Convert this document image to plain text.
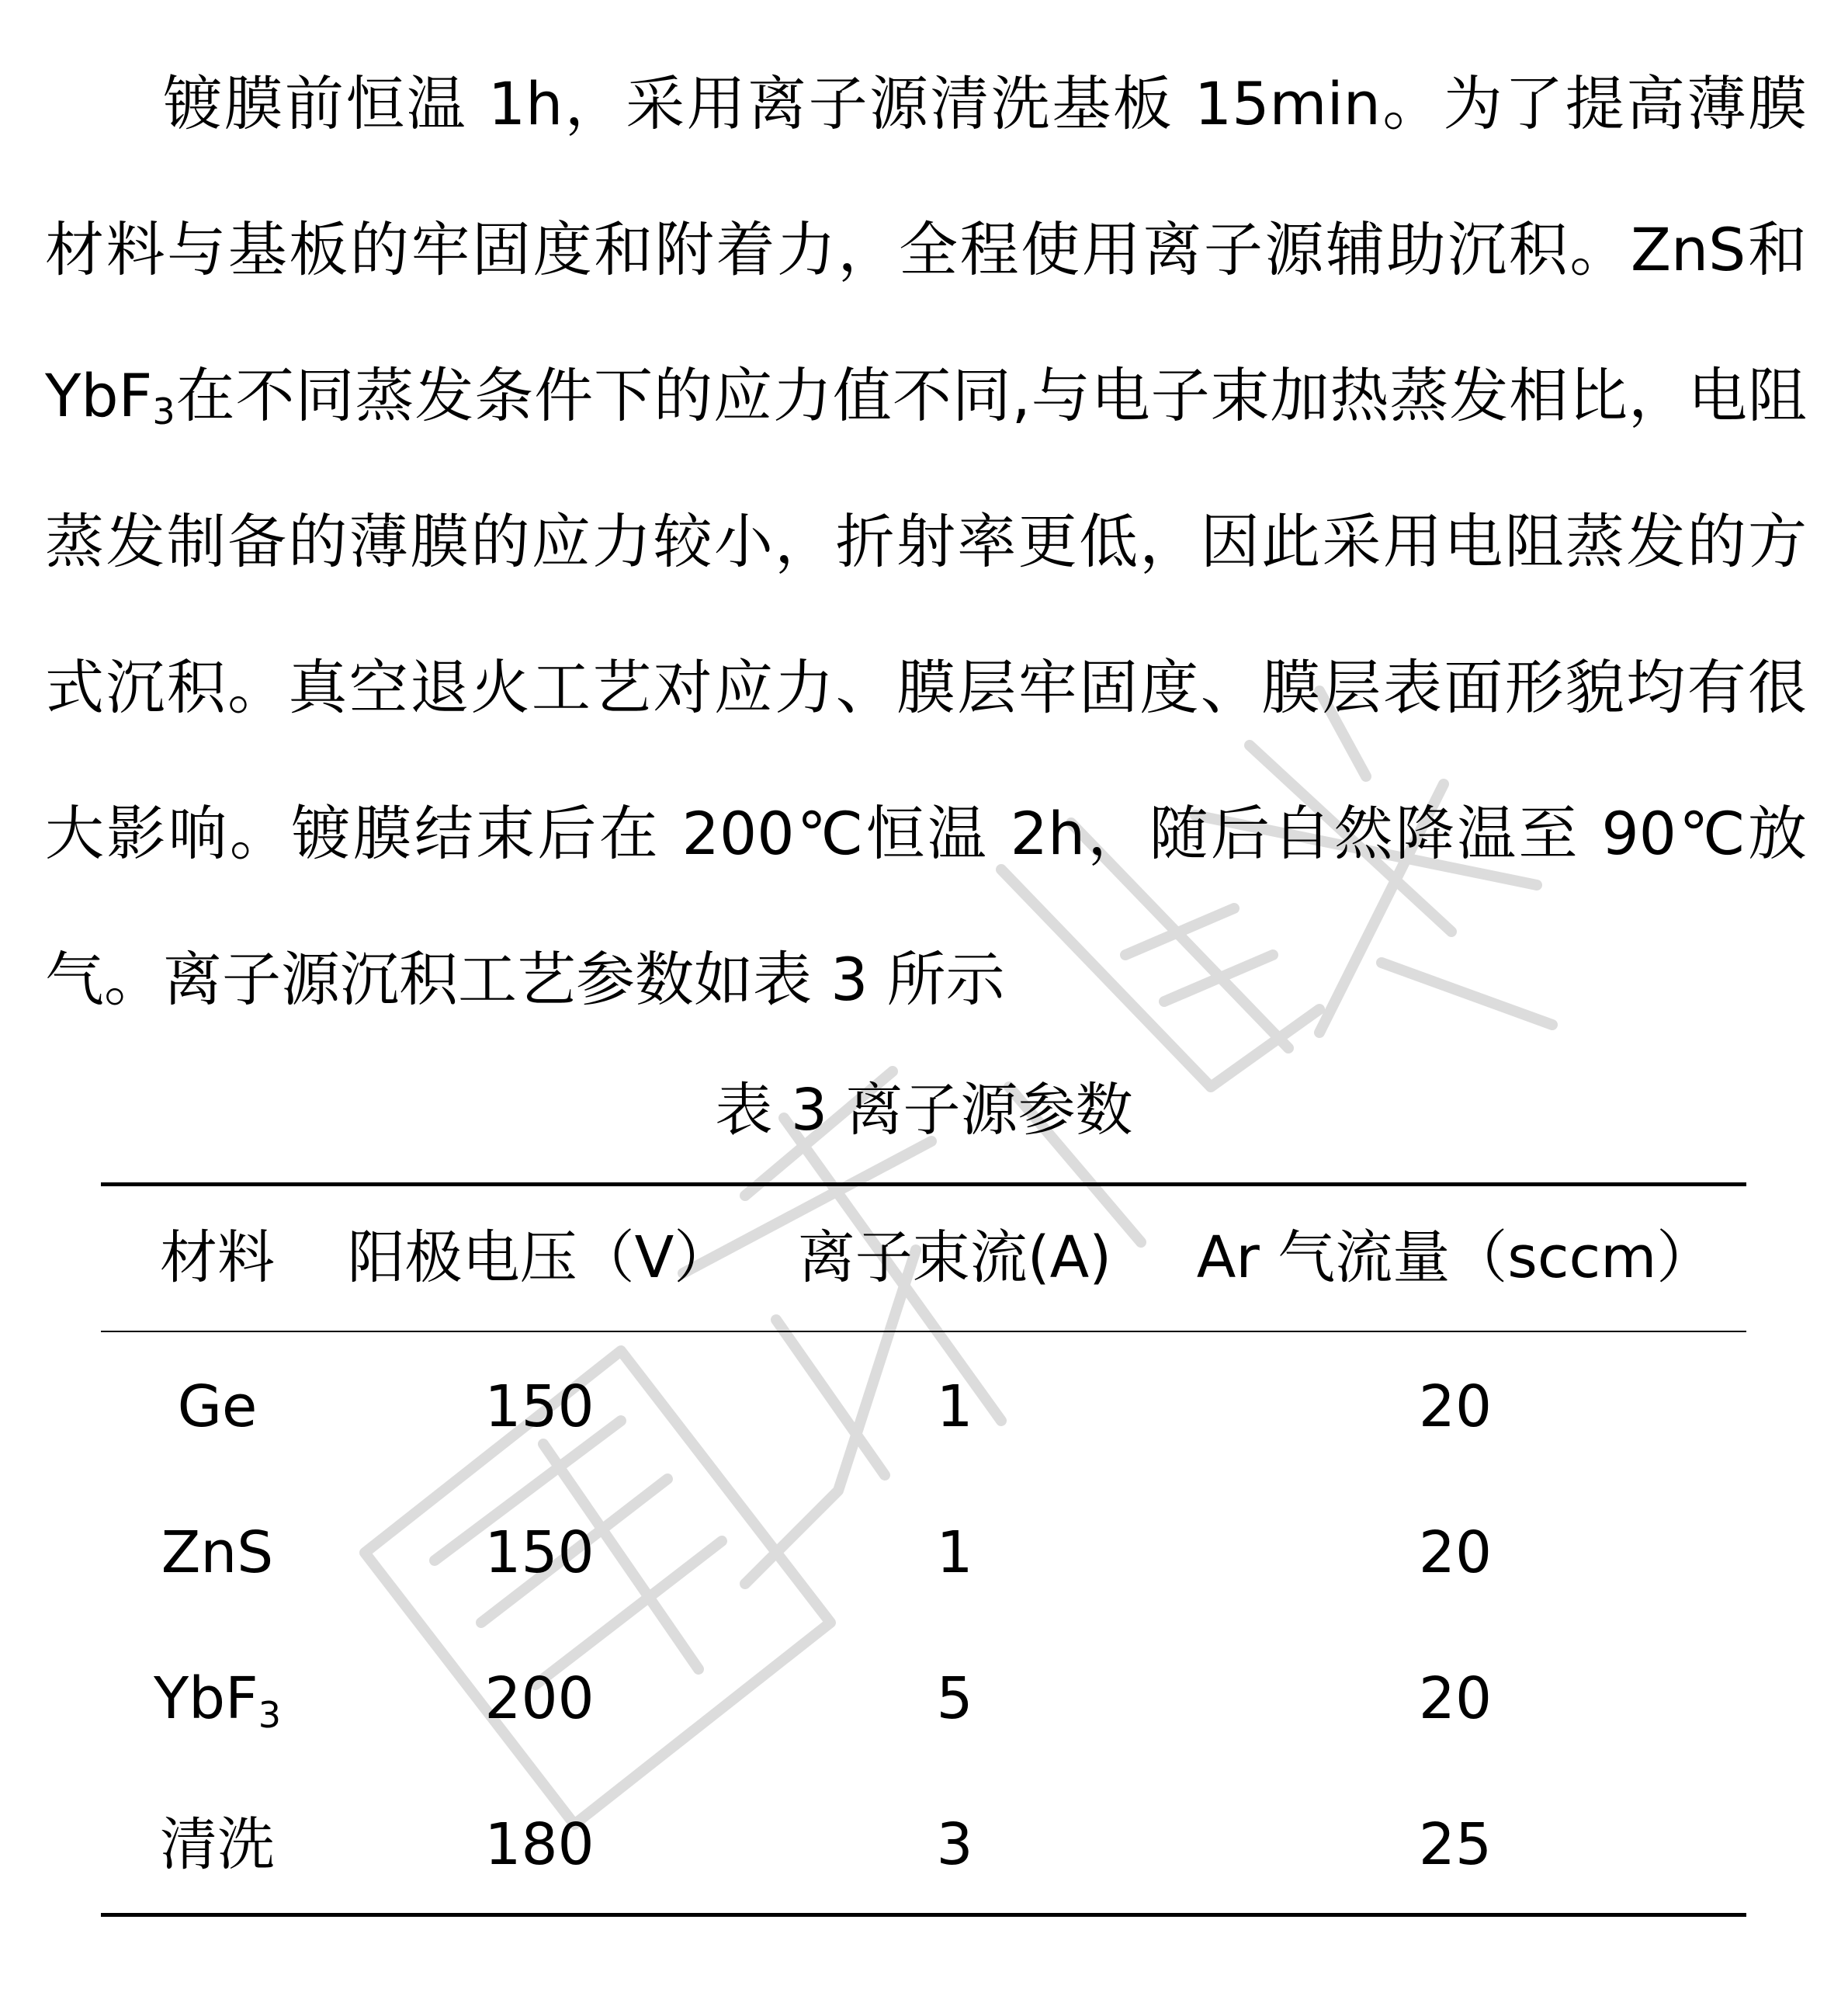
国泰真空

镀膜前恒温 1h，采用离子源清洗基板 15min。为了提高薄膜材料与基板的牢固度和附着力，全程使用离子源辅助沉积。ZnS和 YbF$_3$在不同蒸发条件下的应力值不同,与电子束加热蒸发相比，电阻蒸发制备的薄膜的应力较小，折射率更低，因此采用电阻蒸发的方式沉积。真空退火工艺对应力、膜层牢固度、膜层表面形貌均有很大影响。镀膜结束后在 200℃恒温 2h，随后自然降温至 90℃放气。离子源沉积工艺参数如表 3 所示

表 3 离子源参数
材料	阳极电压（V）	离子束流(A)	Ar 气流量（sccm）
Ge	150	1	20
ZnS	150	1	20
YbF3	200	5	20
清洗	180	3	25
